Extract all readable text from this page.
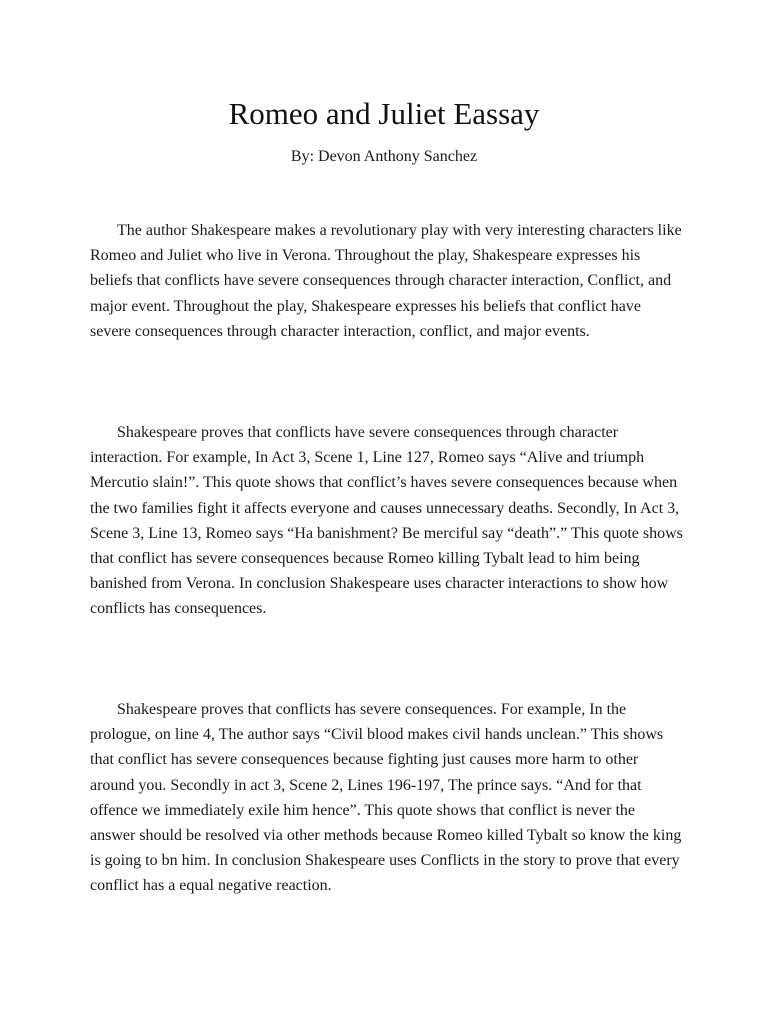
Romeo and Juliet Eassay

By: Devon Anthony Sanchez

The author Shakespeare makes a revolutionary play with very interesting characters like Romeo and Juliet who live in Verona. Throughout the play, Shakespeare expresses his beliefs that conflicts have severe consequences through character interaction, Conflict, and major event. Throughout the play, Shakespeare expresses his beliefs that conflict have severe consequences through character interaction, conflict, and major events.

Shakespeare proves that conflicts have severe consequences through character interaction. For example, In Act 3, Scene 1, Line 127, Romeo says “Alive and triumph Mercutio slain!”. This quote shows that conflict’s haves severe consequences because when the two families fight it affects everyone and causes unnecessary deaths. Secondly, In Act 3, Scene 3, Line 13, Romeo says “Ha banishment? Be merciful say “death”.” This quote shows that conflict has severe consequences because Romeo killing Tybalt lead to him being banished from Verona. In conclusion Shakespeare uses character interactions to show how conflicts has consequences.

Shakespeare proves that conflicts has severe consequences. For example, In the prologue, on line 4, The author says “Civil blood makes civil hands unclean.” This shows that conflict has severe consequences because fighting just causes more harm to other around you. Secondly in act 3, Scene 2, Lines 196-197, The prince says. “And for that offence we immediately exile him hence”. This quote shows that conflict is never the answer should be resolved via other methods because Romeo killed Tybalt so know the king is going to bn him. In conclusion Shakespeare uses Conflicts in the story to prove that every conflict has a equal negative reaction.
